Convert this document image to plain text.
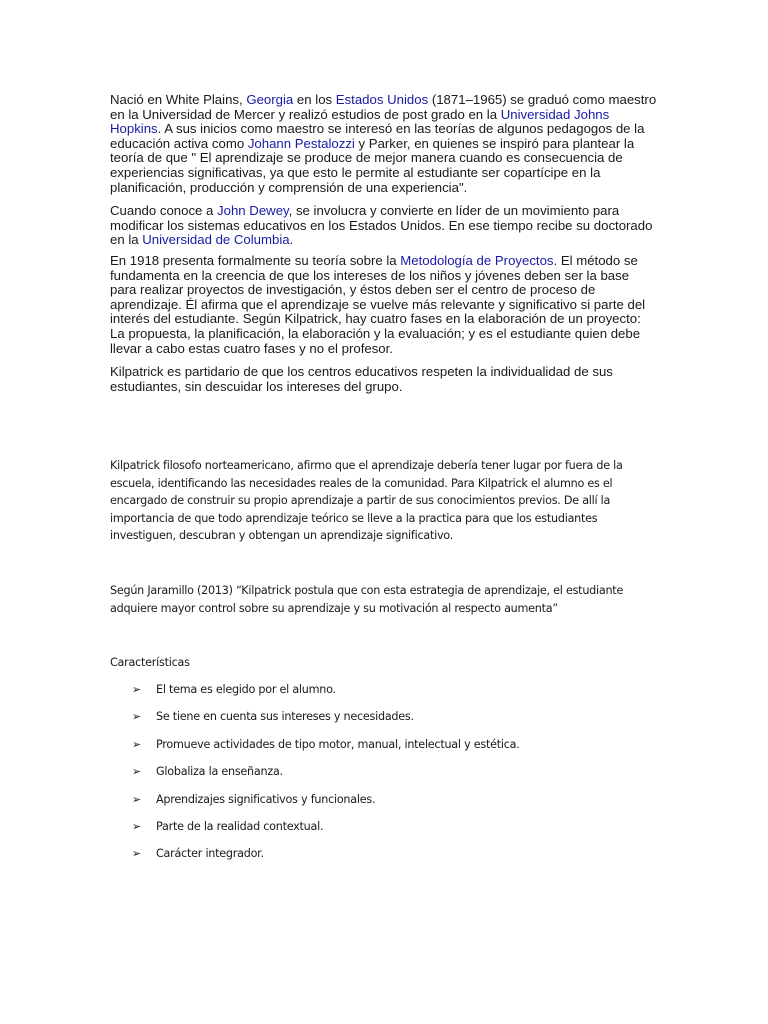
Nació en White Plains, Georgia en los Estados Unidos (1871–1965) se graduó como maestro en la Universidad de Mercer y realizó estudios de post grado en la Universidad Johns Hopkins. A sus inicios como maestro se interesó en las teorías de algunos pedagogos de la educación activa como Johann Pestalozzi y Parker, en quienes se inspiró para plantear la teoría de que " El aprendizaje se produce de mejor manera cuando es consecuencia de experiencias significativas, ya que esto le permite al estudiante ser copartícipe en la planificación, producción y comprensión de una experiencia".

Cuando conoce a John Dewey, se involucra y convierte en líder de un movimiento para modificar los sistemas educativos en los Estados Unidos. En ese tiempo recibe su doctorado en la Universidad de Columbia.

En 1918 presenta formalmente su teoría sobre la Metodología de Proyectos. El método se fundamenta en la creencia de que los intereses de los niños y jóvenes deben ser la base para realizar proyectos de investigación, y éstos deben ser el centro de proceso de aprendizaje. Él afirma que el aprendizaje se vuelve más relevante y significativo si parte del interés del estudiante. Según Kilpatrick, hay cuatro fases en la elaboración de un proyecto: La propuesta, la planificación, la elaboración y la evaluación; y es el estudiante quien debe llevar a cabo estas cuatro fases y no el profesor.

Kilpatrick es partidario de que los centros educativos respeten la individualidad de sus estudiantes, sin descuidar los intereses del grupo.

Kilpatrick filosofo norteamericano, afirmo que el aprendizaje debería tener lugar por fuera de la escuela, identificando las necesidades reales de la comunidad. Para Kilpatrick el alumno es el encargado de construir su propio aprendizaje a partir de sus conocimientos previos. De allí la importancia de que todo aprendizaje teórico se lleve a la practica para que los estudiantes investiguen, descubran y obtengan un aprendizaje significativo.
Según Jaramillo (2013) “Kilpatrick postula que con esta estrategia de aprendizaje, el estudiante adquiere mayor control sobre su aprendizaje y su motivación al respecto aumenta”
Características
➢	El tema es elegido por el alumno.
➢	Se tiene en cuenta sus intereses y necesidades.
➢	Promueve actividades de tipo motor, manual, intelectual y estética.
➢	Globaliza la enseñanza.
➢	Aprendizajes significativos y funcionales.
➢	Parte de la realidad contextual.
➢	Carácter integrador.
